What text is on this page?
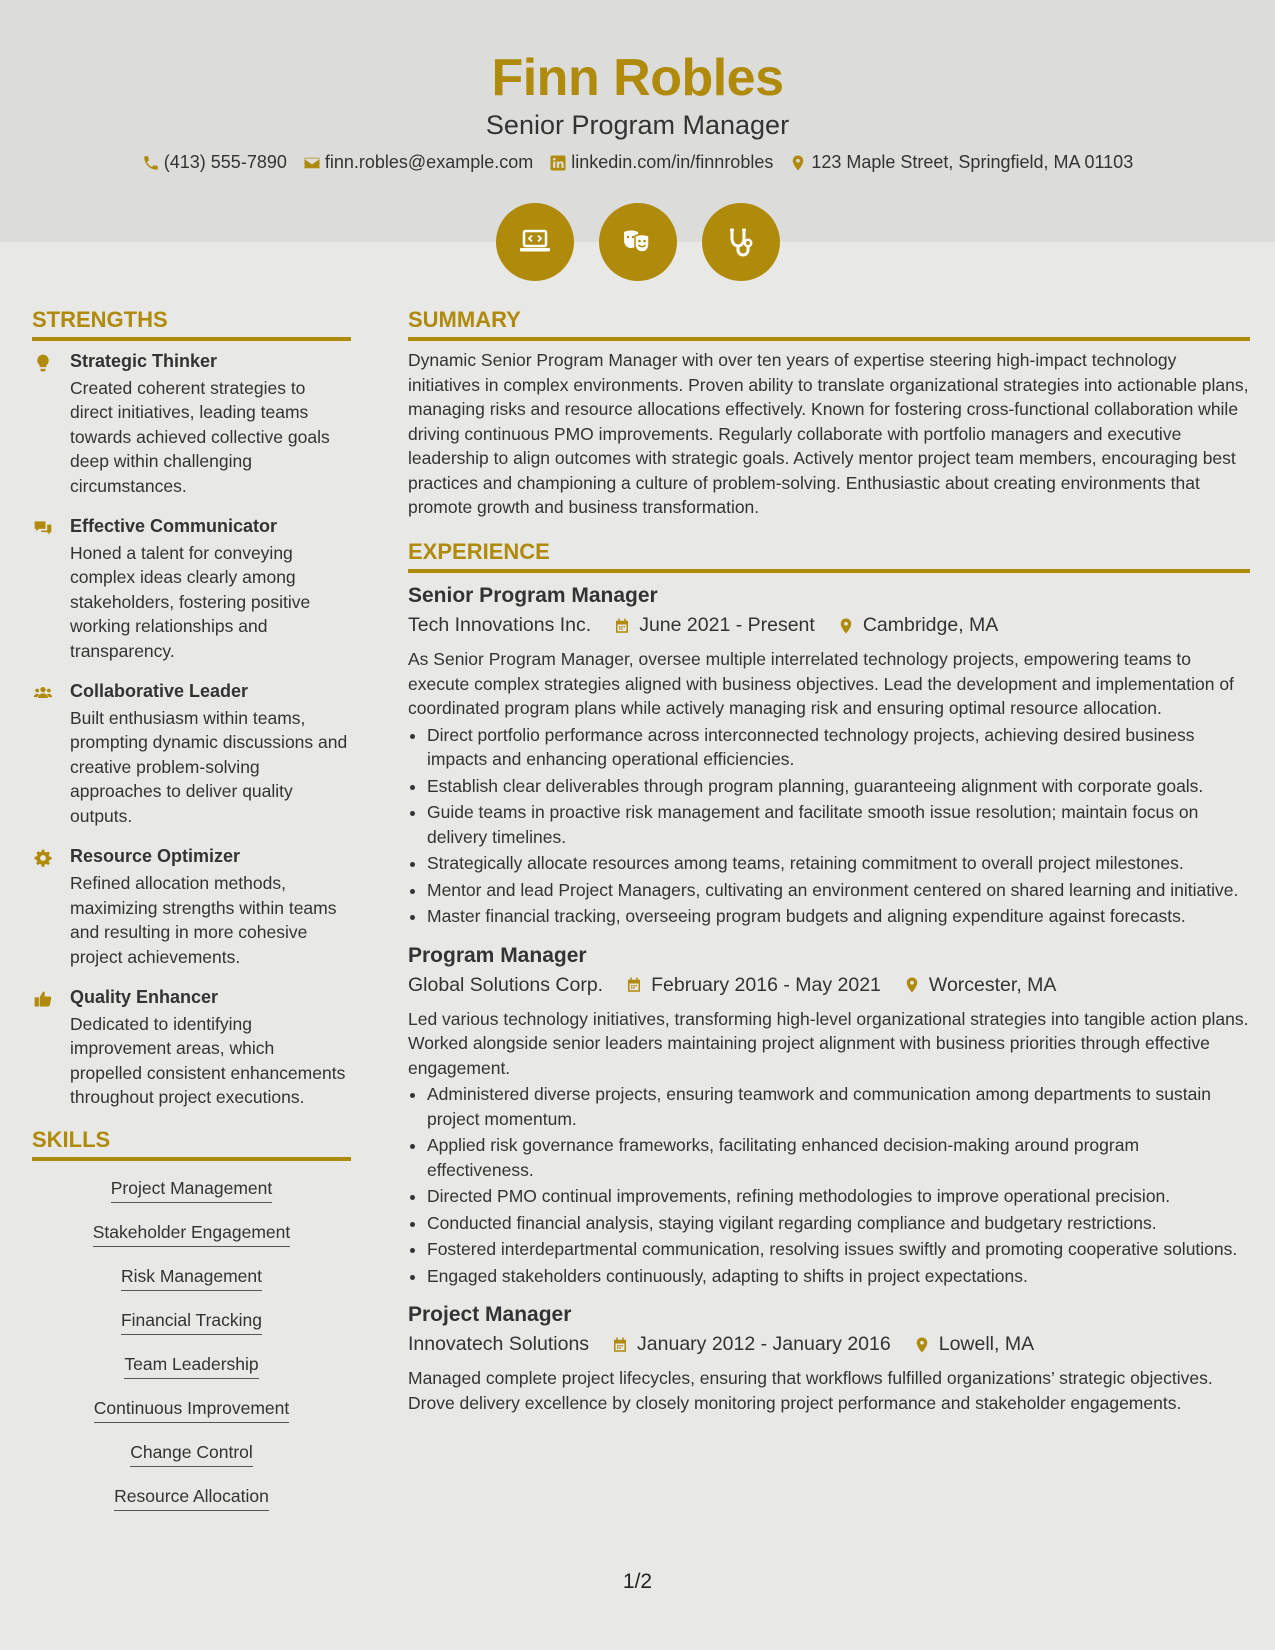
Finn Robles
Senior Program Manager
(413) 555-7890 finn.robles@example.com linkedin.com/in/finnrobles 123 Maple Street, Springfield, MA 01103
STRENGTHS
Strategic Thinker
Created coherent strategies to direct initiatives, leading teams towards achieved collective goals deep within challenging circumstances.
Effective Communicator
Honed a talent for conveying complex ideas clearly among stakeholders, fostering positive working relationships and transparency.
Collaborative Leader
Built enthusiasm within teams, prompting dynamic discussions and creative problem-solving approaches to deliver quality outputs.
Resource Optimizer
Refined allocation methods, maximizing strengths within teams and resulting in more cohesive project achievements.
Quality Enhancer
Dedicated to identifying improvement areas, which propelled consistent enhancements throughout project executions.
SKILLS
Project Management
Stakeholder Engagement
Risk Management
Financial Tracking
Team Leadership
Continuous Improvement
Change Control
Resource Allocation
SUMMARY
Dynamic Senior Program Manager with over ten years of expertise steering high-impact technology initiatives in complex environments. Proven ability to translate organizational strategies into actionable plans, managing risks and resource allocations effectively. Known for fostering cross-functional collaboration while driving continuous PMO improvements. Regularly collaborate with portfolio managers and executive leadership to align outcomes with strategic goals. Actively mentor project team members, encouraging best practices and championing a culture of problem-solving. Enthusiastic about creating environments that promote growth and business transformation.
EXPERIENCE
Senior Program Manager
Tech Innovations Inc. June 2021 - Present Cambridge, MA
As Senior Program Manager, oversee multiple interrelated technology projects, empowering teams to execute complex strategies aligned with business objectives. Lead the development and implementation of coordinated program plans while actively managing risk and ensuring optimal resource allocation.
• Direct portfolio performance across interconnected technology projects, achieving desired business impacts and enhancing operational efficiencies.
• Establish clear deliverables through program planning, guaranteeing alignment with corporate goals.
• Guide teams in proactive risk management and facilitate smooth issue resolution; maintain focus on delivery timelines.
• Strategically allocate resources among teams, retaining commitment to overall project milestones.
• Mentor and lead Project Managers, cultivating an environment centered on shared learning and initiative.
• Master financial tracking, overseeing program budgets and aligning expenditure against forecasts.
Program Manager
Global Solutions Corp. February 2016 - May 2021 Worcester, MA
Led various technology initiatives, transforming high-level organizational strategies into tangible action plans. Worked alongside senior leaders maintaining project alignment with business priorities through effective engagement.
• Administered diverse projects, ensuring teamwork and communication among departments to sustain project momentum.
• Applied risk governance frameworks, facilitating enhanced decision-making around program effectiveness.
• Directed PMO continual improvements, refining methodologies to improve operational precision.
• Conducted financial analysis, staying vigilant regarding compliance and budgetary restrictions.
• Fostered interdepartmental communication, resolving issues swiftly and promoting cooperative solutions.
• Engaged stakeholders continuously, adapting to shifts in project expectations.
Project Manager
Innovatech Solutions January 2012 - January 2016 Lowell, MA
Managed complete project lifecycles, ensuring that workflows fulfilled organizations’ strategic objectives. Drove delivery excellence by closely monitoring project performance and stakeholder engagements.
1/2
